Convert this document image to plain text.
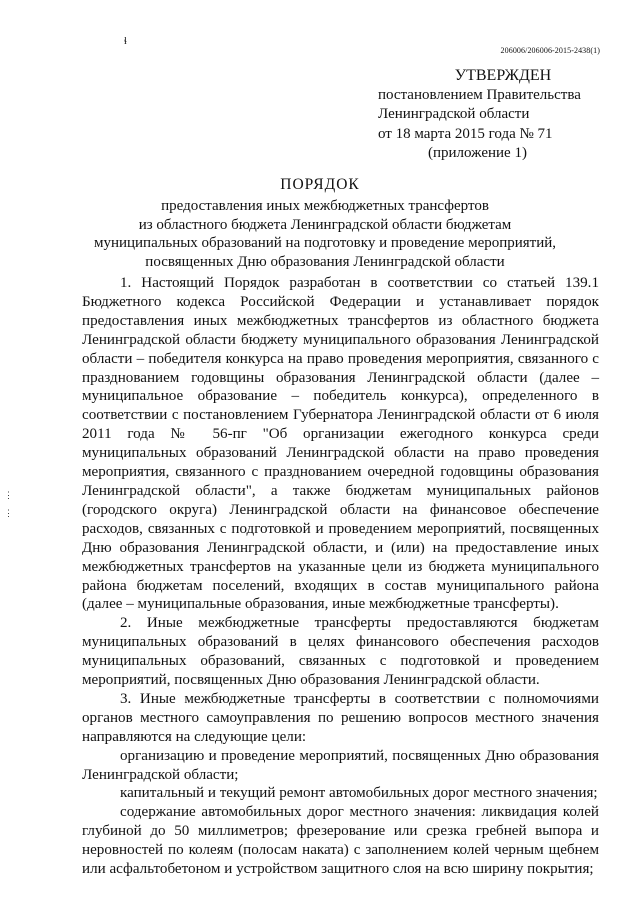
ɬ
206006/206006-2015-2438(1)
⋮
⋮
УТВЕРЖДЕН
постановлением Правительства
Ленинградской области
от 18 марта 2015 года № 71
(приложение 1)
ПОРЯДОК
предоставления иных межбюджетных трансфертов
из областного бюджета Ленинградской области бюджетам
муниципальных образований на подготовку и проведение мероприятий,
посвященных Дню образования Ленинградской области

1. Настоящий Порядок разработан в соответствии со статьей 139.1 Бюджетного кодекса Российской Федерации и устанавливает порядок предоставления иных межбюджетных трансфертов из областного бюджета Ленинградской области бюджету муниципального образования Ленинградской области – победителя конкурса на право проведения мероприятия, связанного с празднованием годовщины образования Ленинградской области (далее – муниципальное образование – победитель конкурса), определенного в соответствии с постановлением Губернатора Ленинградской области от 6 июля 2011 года № 56-пг "Об организации ежегодного конкурса среди муниципальных образований Ленинградской области на право проведения мероприятия, связанного с празднованием очередной годовщины образования Ленинградской области", а также бюджетам муниципальных районов (городского округа) Ленинградской области на финансовое обеспечение расходов, связанных с подготовкой и проведением мероприятий, посвященных Дню образования Ленинградской области, и (или) на предоставление иных межбюджетных трансфертов на указанные цели из бюджета муниципального района бюджетам поселений, входящих в состав муниципального района (далее – муниципальные образования, иные межбюджетные трансферты).

2. Иные межбюджетные трансферты предоставляются бюджетам муниципальных образований в целях финансового обеспечения расходов муниципальных образований, связанных с подготовкой и проведением мероприятий, посвященных Дню образования Ленинградской области.

3. Иные межбюджетные трансферты в соответствии с полномочиями органов местного самоуправления по решению вопросов местного значения направляются на следующие цели:

организацию и проведение мероприятий, посвященных Дню образования Ленинградской области;

капитальный и текущий ремонт автомобильных дорог местного значения;

содержание автомобильных дорог местного значения: ликвидация колей глубиной до 50 миллиметров; фрезерование или срезка гребней выпора и неровностей по колеям (полосам наката) с заполнением колей черным щебнем или асфальтобетоном и устройством защитного слоя на всю ширину покрытия;
